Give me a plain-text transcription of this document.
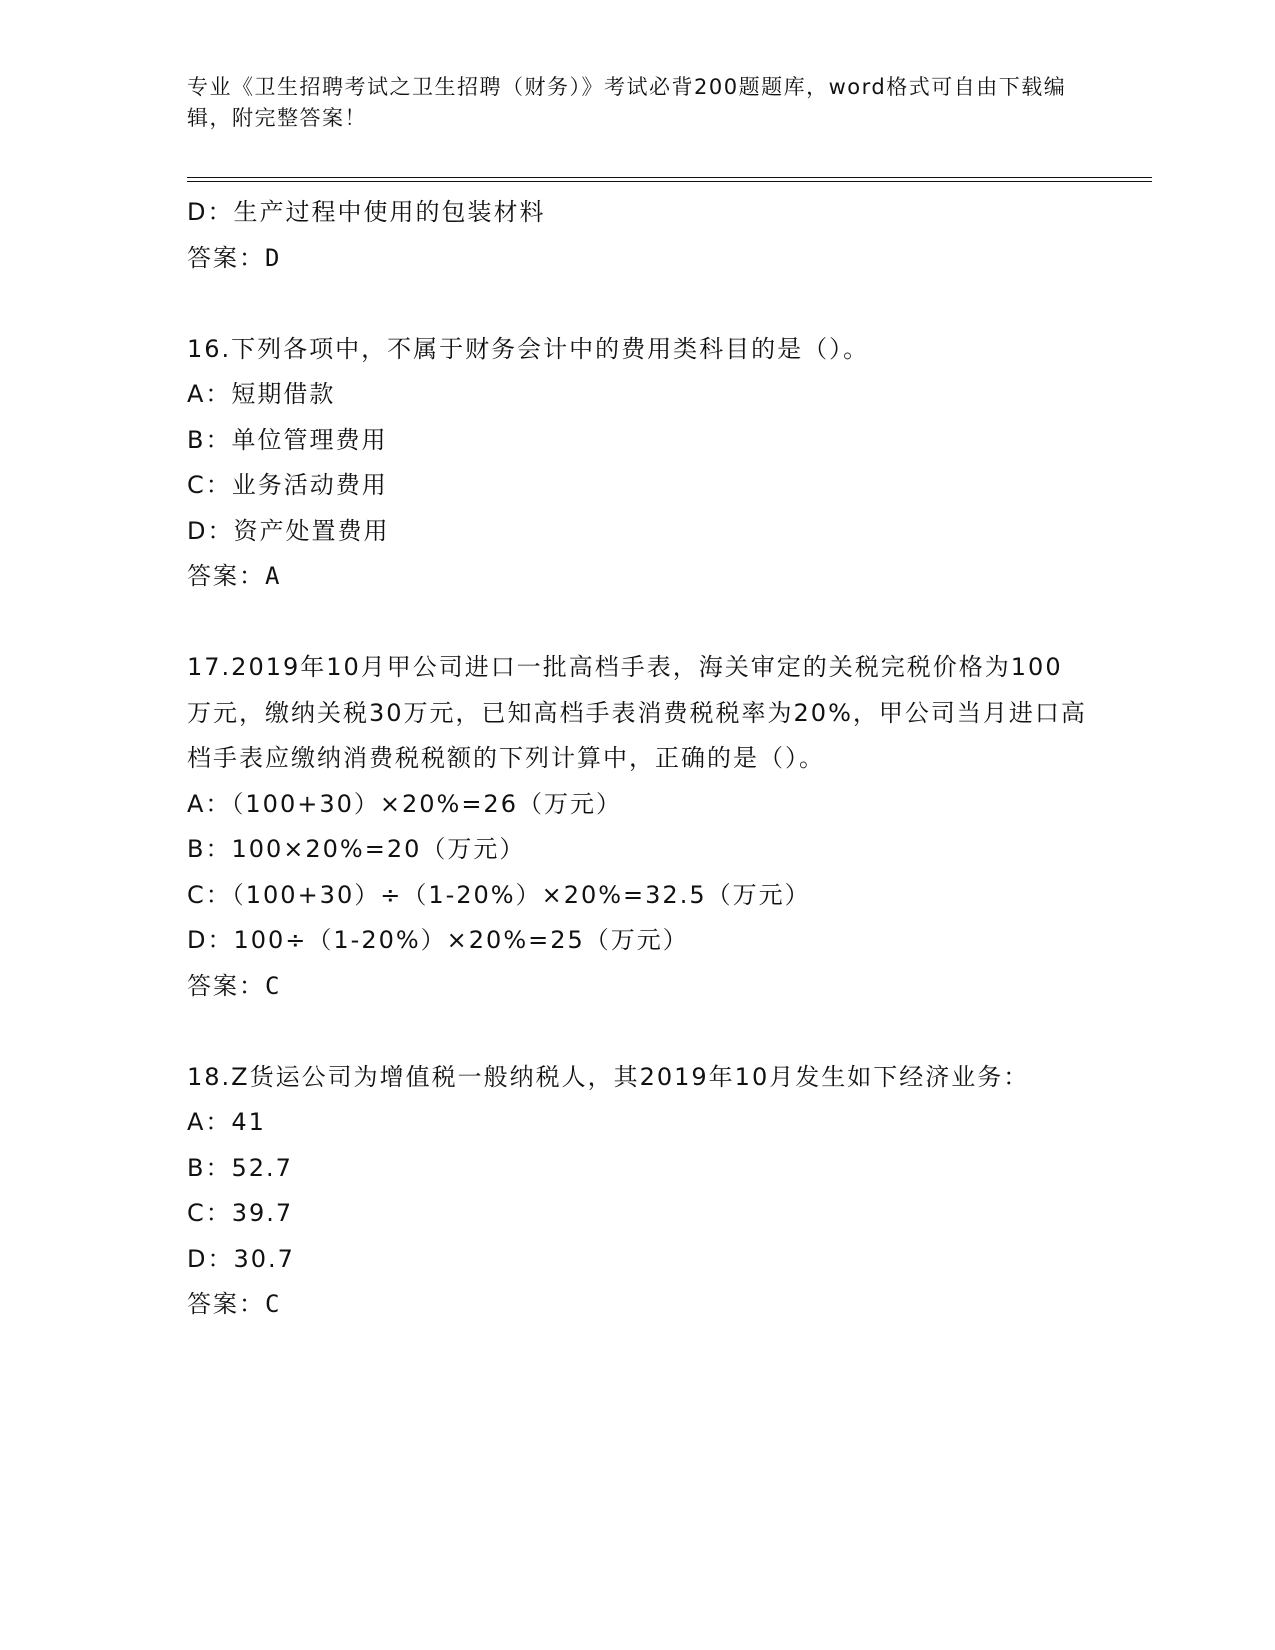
专业《卫生招聘考试之卫生招聘（财务）》考试必背200题题库，word格式可自由下载编辑，附完整答案！
D：生产过程中使用的包装材料
答案：D
16.下列各项中，不属于财务会计中的费用类科目的是（）。
A：短期借款
B：单位管理费用
C：业务活动费用
D：资产处置费用
答案：A
17.2019年10月甲公司进口一批高档手表，海关审定的关税完税价格为100万元，缴纳关税30万元，已知高档手表消费税税率为20%，甲公司当月进口高档手表应缴纳消费税税额的下列计算中，正确的是（）。
A：（100+30）×20%=26（万元）
B：100×20%=20（万元）
C：（100+30）÷（1-20%）×20%=32.5（万元）
D：100÷（1-20%）×20%=25（万元）
答案：C
18.Z货运公司为增值税一般纳税人，其2019年10月发生如下经济业务：
A：41
B：52.7
C：39.7
D：30.7
答案：C
